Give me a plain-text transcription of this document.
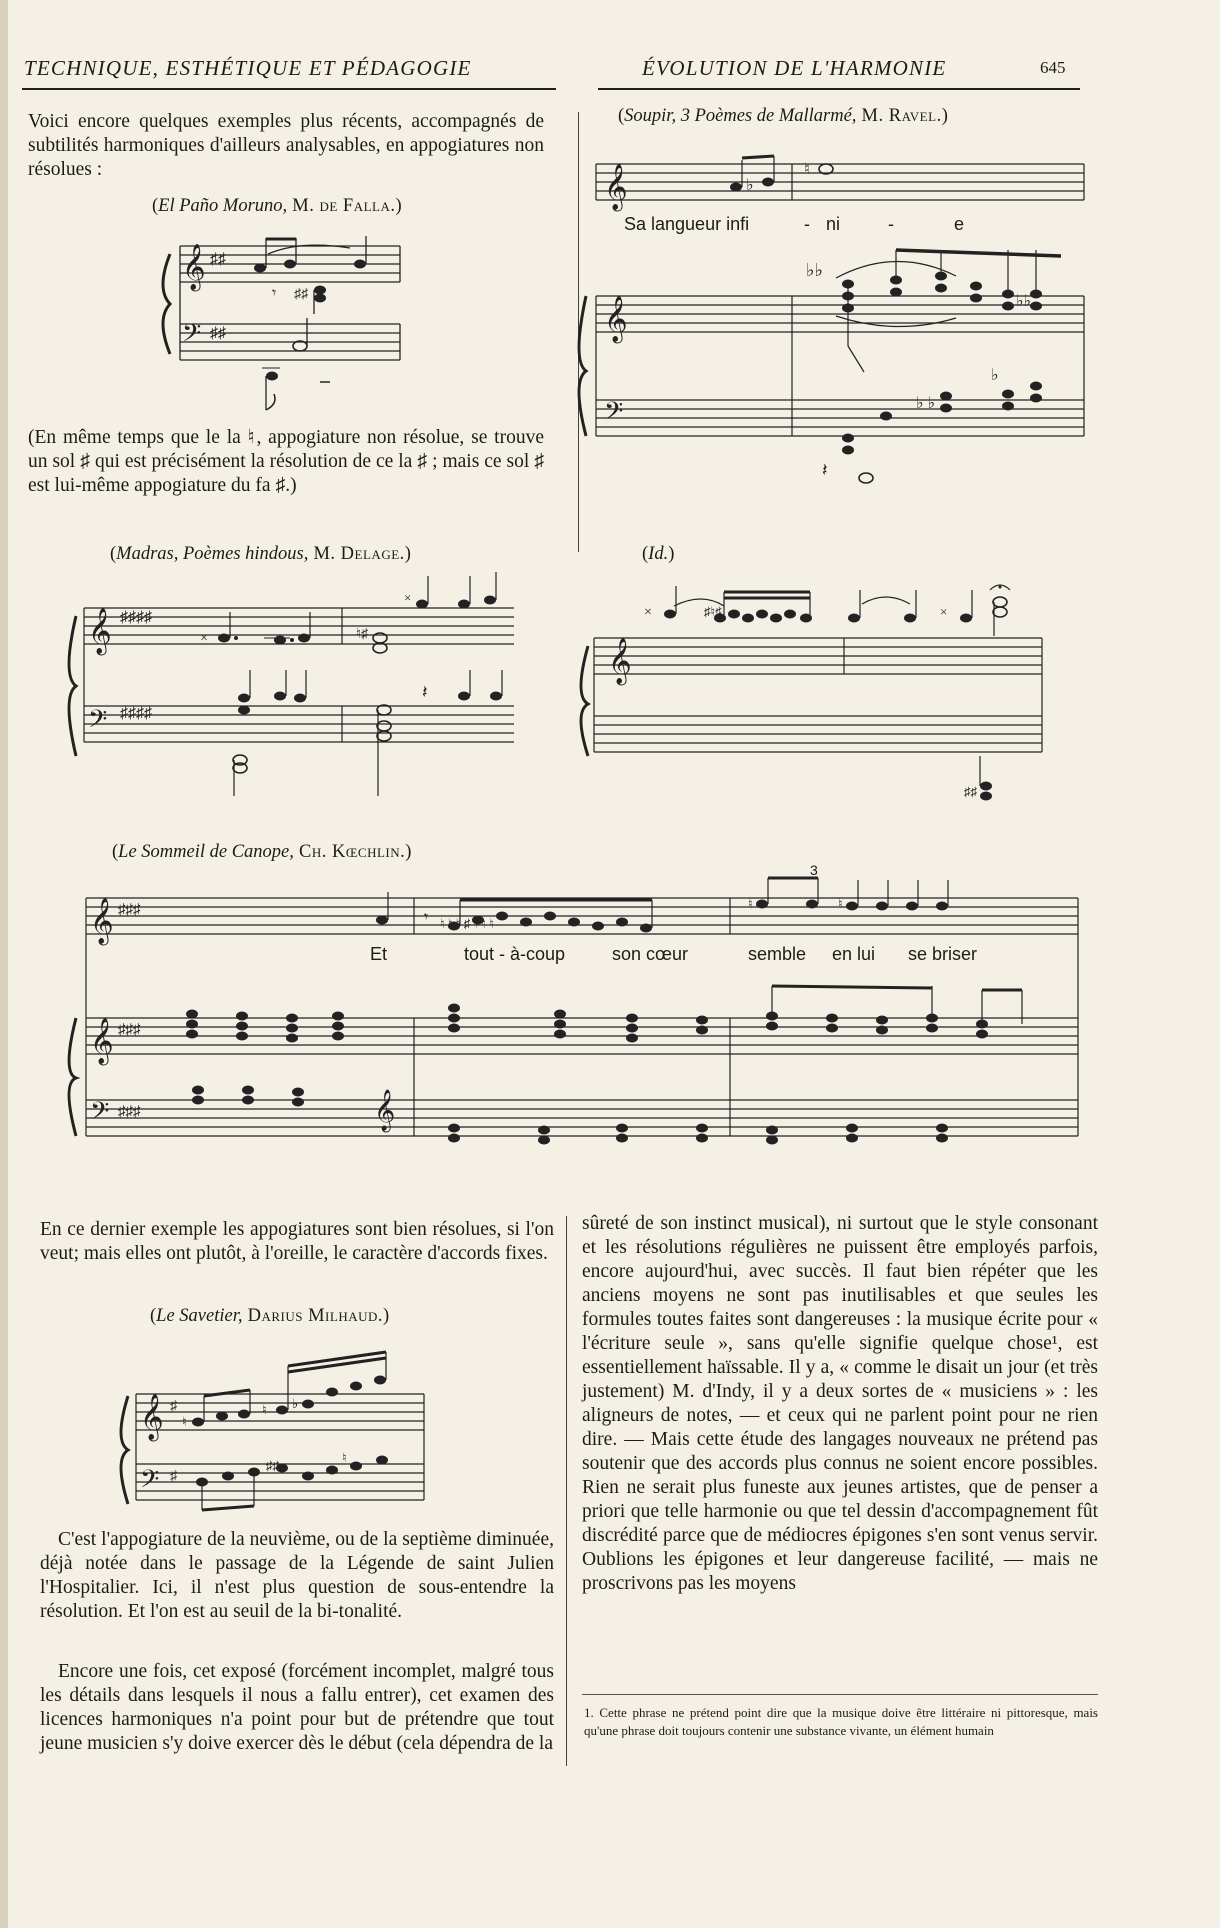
TECHNIQUE, ESTHÉTIQUE ET PÉDAGOGIE	ÉVOLUTION DE L'HARMONIE	645
Voici encore quelques exemples plus récents, accompagnés de subtilités harmoniques d'ailleurs analysables, en appogiatures non résolues :
(El Paño Moruno, M. de Falla.)
𝄞
𝄢
♯♯
♯♯
𝄾 ♯♯
(En même temps que le la ♮, appogiature non résolue, se trouve un sol ♯ qui est précisément la résolution de ce la ♯ ; mais ce sol ♯ est lui-même appogiature du fa ♯.)
(Soupir, 3 Poèmes de Mallarmé, M. Ravel.)
𝄞
𝄞
𝄢
♭
♮
♭♭
♭♭
♭
♭ ♭
𝄽
Sa langueur infi	- ni	-	e
(Madras, Poèmes hindous, M. Delage.)	(Id.)
𝄞
𝄢
♯♯♯♯
♯♯♯♯
×	♮♯
×
𝄽
𝄞
×	♯♮♯	×
♯♯
(Le Sommeil de Canope, Ch. Kœchlin.)
𝄞
𝄞
𝄢	𝄞
♯♯♯
♯♯♯
♯♯♯
𝄾 ♮ ♮ ♮ ♯ ♮ ♮ ♮
♮	♮
3
Et	tout - à-coup	son cœur	semble en lui se briser
En ce dernier exemple les appogiatures sont bien résolues, si l'on veut; mais elles ont plutôt, à l'oreille, le caractère d'accords fixes.
(Le Savetier, Darius Milhaud.)
𝄞
𝄢
♯
♯
♮
♮ ♭
♯♯
♮
C'est l'appogiature de la neuvième, ou de la septième diminuée, déjà notée dans le passage de la Légende de saint Julien l'Hospitalier. Ici, il n'est plus question de sous-entendre la résolution. Et l'on est au seuil de la bi-tonalité.
Encore une fois, cet exposé (forcément incomplet, malgré tous les détails dans lesquels il nous a fallu entrer), cet examen des licences harmoniques n'a point pour but de prétendre que tout jeune musicien s'y doive exercer dès le début (cela dépendra de la
sûreté de son instinct musical), ni surtout que le style consonant et les résolutions régulières ne puissent être employés parfois, encore aujourd'hui, avec succès. Il faut bien répéter que les anciens moyens ne sont pas inutilisables et que seules les formules toutes faites sont dangereuses : la musique écrite pour « l'écriture seule », sans qu'elle signifie quelque chose¹, est essentiellement haïssable. Il y a, « comme le disait un jour (et très justement) M. d'Indy, il y a deux sortes de « musiciens » : les aligneurs de notes, — et ceux qui ne parlent point pour ne rien dire. — Mais cette étude des langages nouveaux ne prétend pas soutenir que des accords plus connus ne soient encore possibles. Rien ne serait plus funeste aux jeunes artistes, que de penser a priori que telle harmonie ou que tel dessin d'accompagnement fût discrédité parce que de médiocres épigones s'en sont venus servir. Oublions les épigones et leur dangereuse facilité, — mais ne proscrivons pas les moyens
1. Cette phrase ne prétend point dire que la musique doive être littéraire ni pittoresque, mais qu'une phrase doit toujours contenir une substance vivante, un élément humain
